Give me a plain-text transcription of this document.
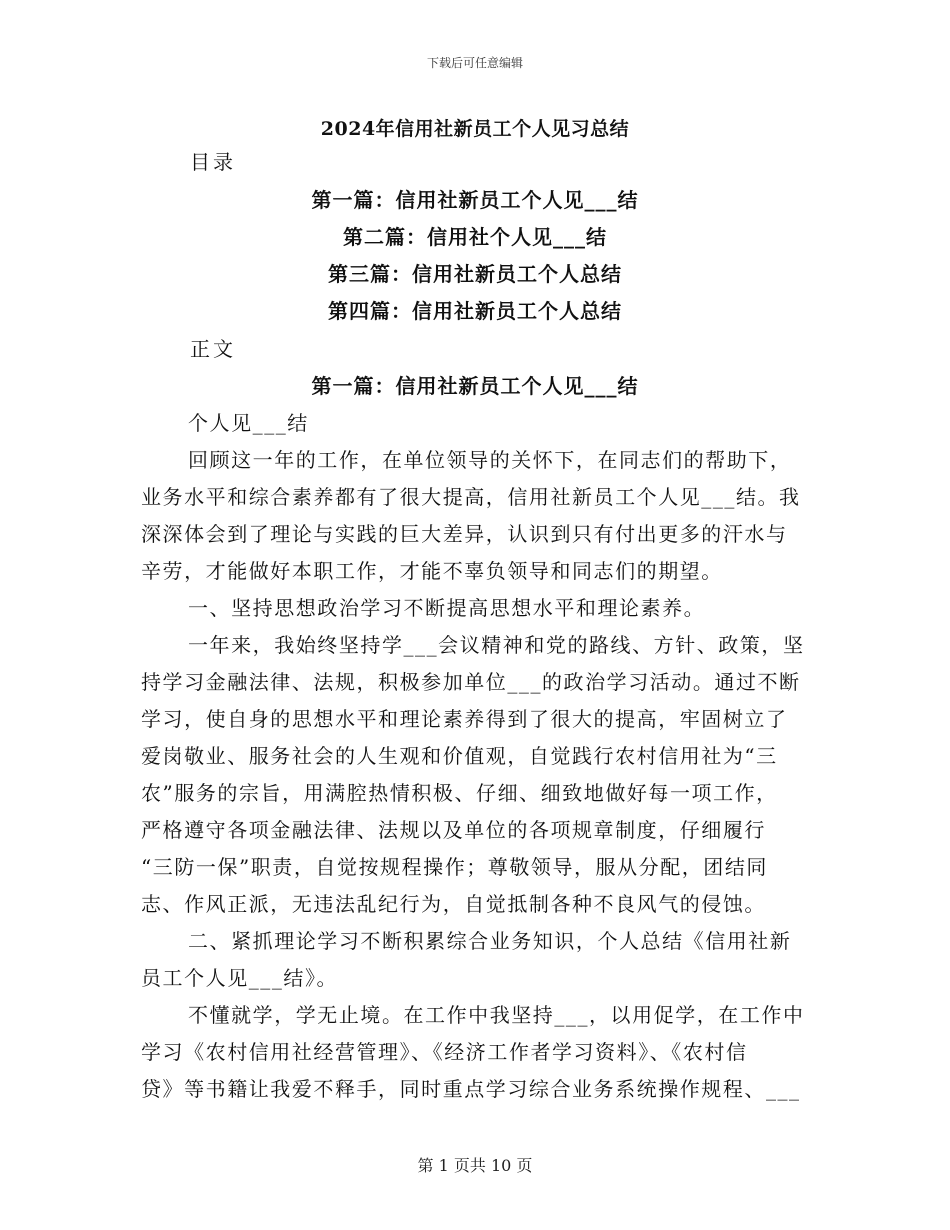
下载后可任意编辑
2024年信用社新员工个人见习总结
目录
第一篇：信用社新员工个人见___结
第二篇：信用社个人见___结
第三篇：信用社新员工个人总结
第四篇：信用社新员工个人总结
正文
第一篇：信用社新员工个人见___结
个人见___结
回顾这一年的工作，在单位领导的关怀下，在同志们的帮助下，
业务水平和综合素养都有了很大提高，信用社新员工个人见___结。我
深深体会到了理论与实践的巨大差异，认识到只有付出更多的汗水与
辛劳，才能做好本职工作，才能不辜负领导和同志们的期望。
一、坚持思想政治学习不断提高思想水平和理论素养。
一年来，我始终坚持学___会议精神和党的路线、方针、政策，坚
持学习金融法律、法规，积极参加单位___的政治学习活动。通过不断
学习，使自身的思想水平和理论素养得到了很大的提高，牢固树立了
爱岗敬业、服务社会的人生观和价值观，自觉践行农村信用社为“三
农”服务的宗旨，用满腔热情积极、仔细、细致地做好每一项工作，
严格遵守各项金融法律、法规以及单位的各项规章制度，仔细履行
“三防一保”职责，自觉按规程操作；尊敬领导，服从分配，团结同
志、作风正派，无违法乱纪行为，自觉抵制各种不良风气的侵蚀。
二、紧抓理论学习不断积累综合业务知识，个人总结《信用社新
员工个人见___结》。
不懂就学，学无止境。在工作中我坚持___，以用促学，在工作中
学习《农村信用社经营管理》、《经济工作者学习资料》、《农村信
贷》等书籍让我爱不释手，同时重点学习综合业务系统操作规程、___
第 1 页共 10 页
